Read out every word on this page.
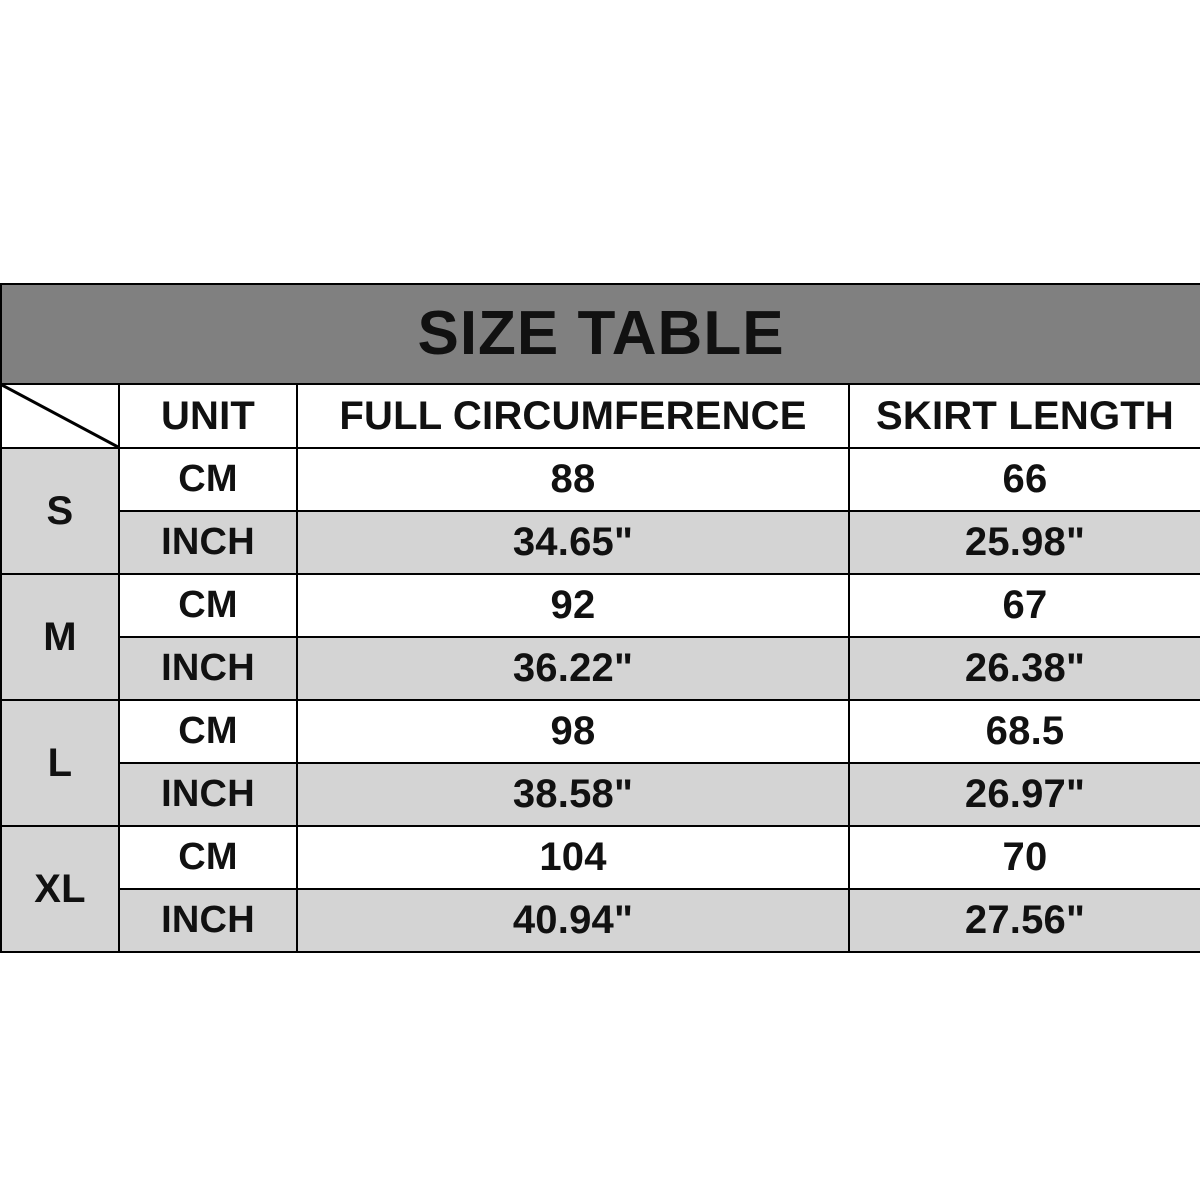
SIZE TABLE			

	UNIT	FULL CIRCUMFERENCE	SKIRT LENGTH
S	CM	88	66
	INCH	34.65"	25.98"
M	CM	92	67
	INCH	36.22"	26.38"
L	CM	98	68.5
	INCH	38.58"	26.97"
XL	CM	104	70
	INCH	40.94"	27.56"
